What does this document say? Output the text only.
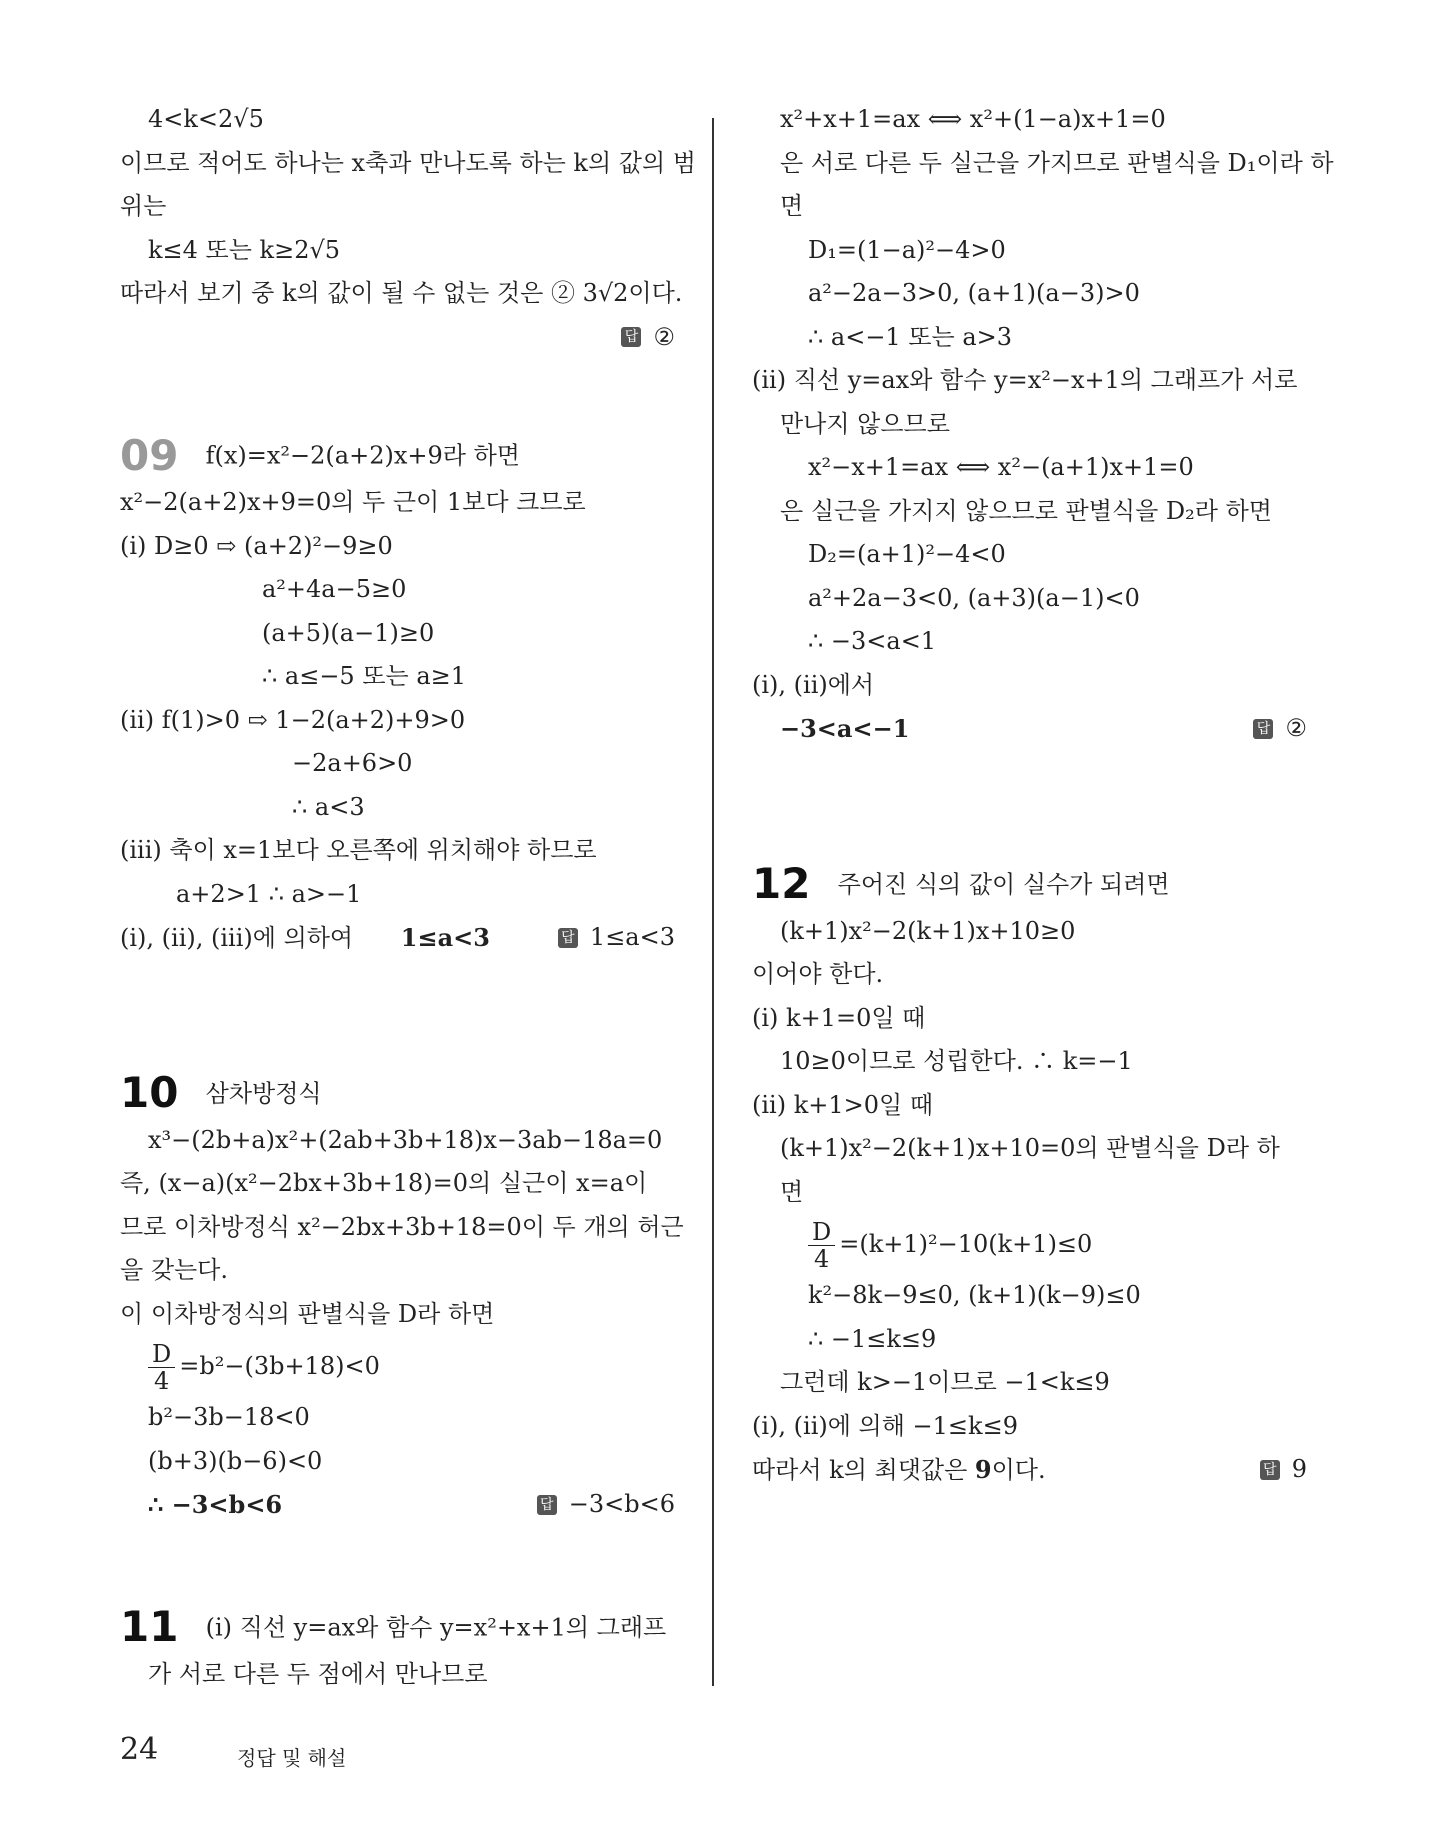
4<k<2√5
이므로 적어도 하나는 x축과 만나도록 하는 k의 값의 범
위는
k≤4 또는 k≥2√5
따라서 보기 중 k의 값이 될 수 없는 것은 ② 3√2이다.
답 ②
09 f(x)=x²−2(a+2)x+9라 하면
x²−2(a+2)x+9=0의 두 근이 1보다 크므로
(i) D≥0 ⇨ (a+2)²−9≥0
a²+4a−5≥0
(a+5)(a−1)≥0
∴ a≤−5 또는 a≥1
(ii) f(1)>0 ⇨ 1−2(a+2)+9>0
−2a+6>0
∴ a<3
(iii) 축이 x=1보다 오른쪽에 위치해야 하므로
a+2>1 ∴ a>−1
(i), (ii), (iii)에 의하여 1≤a<3	답 1≤a<3
10 삼차방정식
x³−(2b+a)x²+(2ab+3b+18)x−3ab−18a=0
즉, (x−a)(x²−2bx+3b+18)=0의 실근이 x=a이
므로 이차방정식 x²−2bx+3b+18=0이 두 개의 허근
을 갖는다.
이 이차방정식의 판별식을 D라 하면
$\frac{D}{4} =b^2-(3b+18)<0$
b²−3b−18<0
(b+3)(b−6)<0
∴ −3<b<6	답 −3<b<6
11 (i) 직선 y=ax와 함수 y=x²+x+1의 그래프
가 서로 다른 두 점에서 만나므로
x²+x+1=ax ⟺ x²+(1−a)x+1=0
은 서로 다른 두 실근을 가지므로 판별식을 D₁이라 하
면
D₁=(1−a)²−4>0
a²−2a−3>0, (a+1)(a−3)>0
∴ a<−1 또는 a>3
(ii) 직선 y=ax와 함수 y=x²−x+1의 그래프가 서로
만나지 않으므로
x²−x+1=ax ⟺ x²−(a+1)x+1=0
은 실근을 가지지 않으므로 판별식을 D₂라 하면
D₂=(a+1)²−4<0
a²+2a−3<0, (a+3)(a−1)<0
∴ −3<a<1
(i), (ii)에서
−3<a<−1	답 ②
12 주어진 식의 값이 실수가 되려면
(k+1)x²−2(k+1)x+10≥0
이어야 한다.
(i) k+1=0일 때
10≥0이므로 성립한다. ∴ k=−1
(ii) k+1>0일 때
(k+1)x²−2(k+1)x+10=0의 판별식을 D라 하
면
$\frac{D}{4} =(k+1)^2-10(k+1)\le 0$
k²−8k−9≤0, (k+1)(k−9)≤0
∴ −1≤k≤9
그런데 k>−1이므로 −1<k≤9
(i), (ii)에 의해 −1≤k≤9
따라서 k의 최댓값은 9이다.	답 9
24	정답 및 해설
